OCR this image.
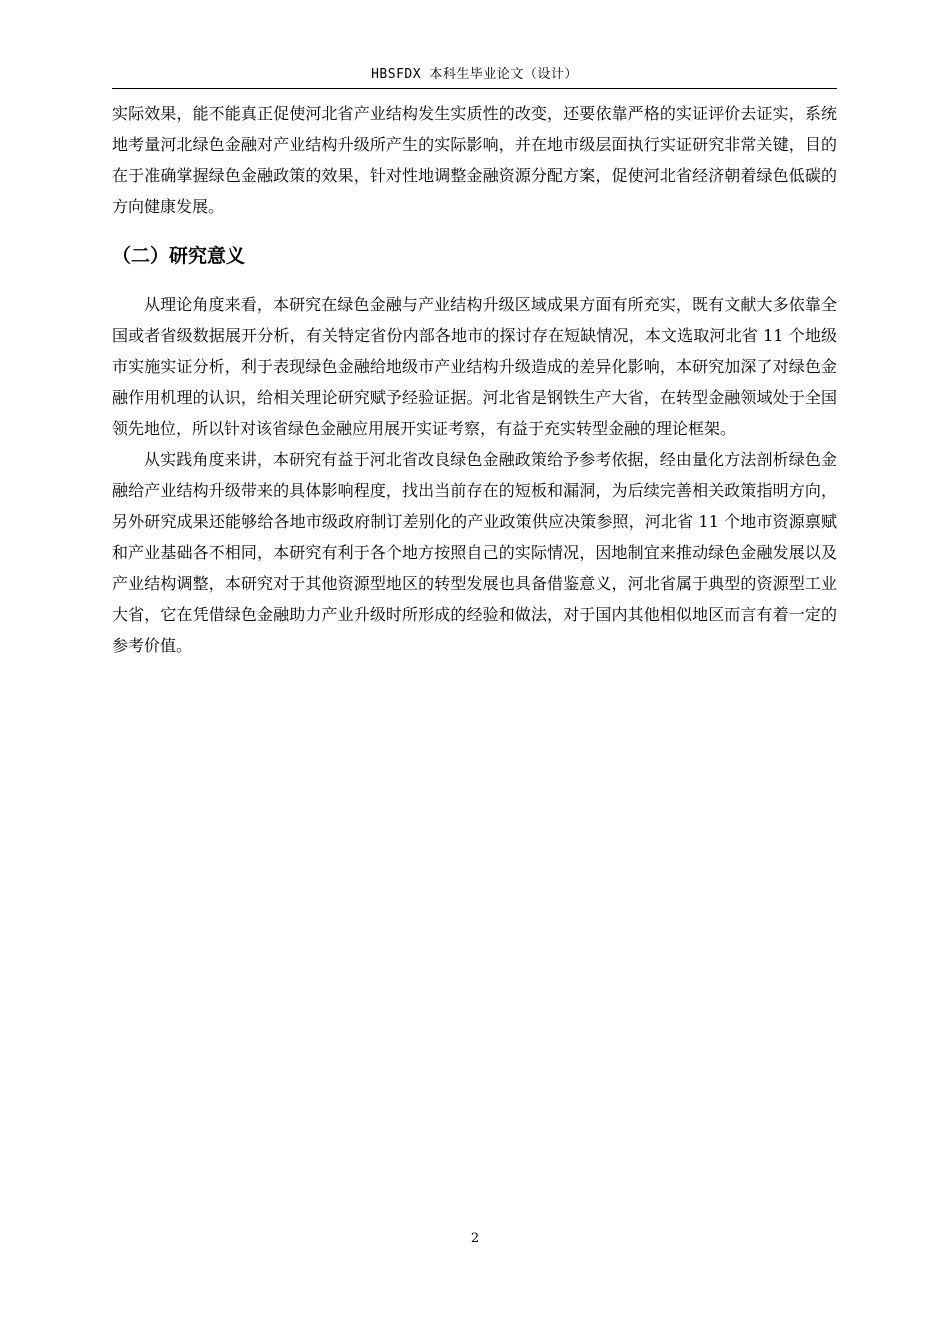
HBSFDX 本科生毕业论文（设计）

实际效果，能不能真正促使河北省产业结构发生实质性的改变，还要依靠严格的实证评价去证实，系统地考量河北绿色金融对产业结构升级所产生的实际影响，并在地市级层面执行实证研究非常关键，目的在于准确掌握绿色金融政策的效果，针对性地调整金融资源分配方案，促使河北省经济朝着绿色低碳的方向健康发展。

（二）研究意义

从理论角度来看，本研究在绿色金融与产业结构升级区域成果方面有所充实，既有文献大多依靠全国或者省级数据展开分析，有关特定省份内部各地市的探讨存在短缺情况，本文选取河北省 11 个地级市实施实证分析，利于表现绿色金融给地级市产业结构升级造成的差异化影响，本研究加深了对绿色金融作用机理的认识，给相关理论研究赋予经验证据。河北省是钢铁生产大省，在转型金融领域处于全国领先地位，所以针对该省绿色金融应用展开实证考察，有益于充实转型金融的理论框架。

从实践角度来讲，本研究有益于河北省改良绿色金融政策给予参考依据，经由量化方法剖析绿色金融给产业结构升级带来的具体影响程度，找出当前存在的短板和漏洞，为后续完善相关政策指明方向，另外研究成果还能够给各地市级政府制订差别化的产业政策供应决策参照，河北省 11 个地市资源禀赋和产业基础各不相同，本研究有利于各个地方按照自己的实际情况，因地制宜来推动绿色金融发展以及产业结构调整，本研究对于其他资源型地区的转型发展也具备借鉴意义，河北省属于典型的资源型工业大省，它在凭借绿色金融助力产业升级时所形成的经验和做法，对于国内其他相似地区而言有着一定的参考价值。

2
